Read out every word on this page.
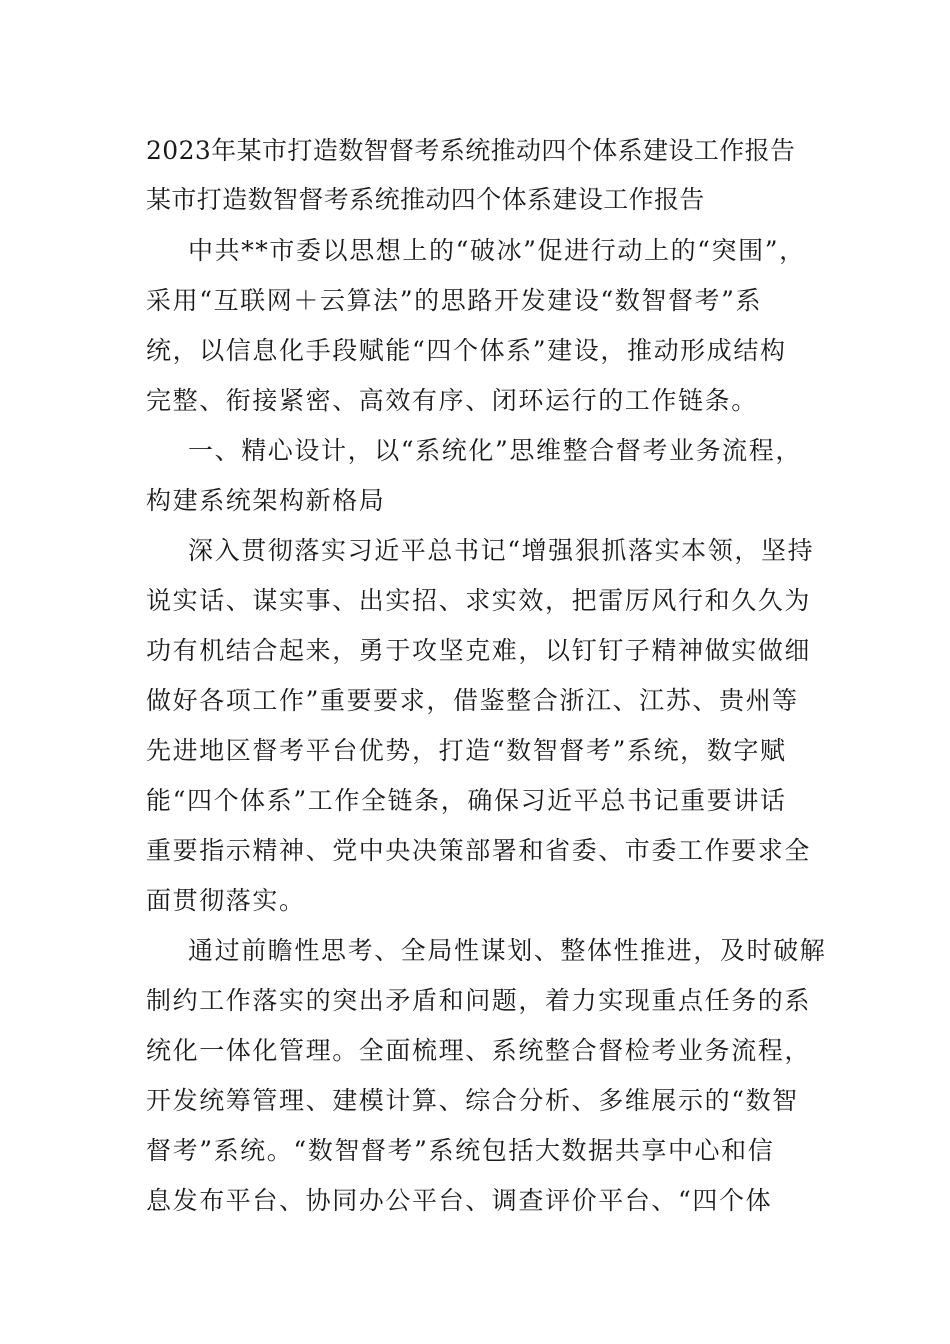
2023年某市打造数智督考系统推动四个体系建设工作报告
某市打造数智督考系统推动四个体系建设工作报告
中共**市委以思想上的“破冰”促进行动上的“突围”，
采用“互联网＋云算法”的思路开发建设“数智督考”系
统，以信息化手段赋能“四个体系”建设，推动形成结构
完整、衔接紧密、高效有序、闭环运行的工作链条。
一、精心设计，以“系统化”思维整合督考业务流程，
构建系统架构新格局
深入贯彻落实习近平总书记“增强狠抓落实本领，坚持
说实话、谋实事、出实招、求实效，把雷厉风行和久久为
功有机结合起来，勇于攻坚克难，以钉钉子精神做实做细
做好各项工作”重要要求，借鉴整合浙江、江苏、贵州等
先进地区督考平台优势，打造“数智督考”系统，数字赋
能“四个体系”工作全链条，确保习近平总书记重要讲话
重要指示精神、党中央决策部署和省委、市委工作要求全
面贯彻落实。
通过前瞻性思考、全局性谋划、整体性推进，及时破解
制约工作落实的突出矛盾和问题，着力实现重点任务的系
统化一体化管理。全面梳理、系统整合督检考业务流程，
开发统筹管理、建模计算、综合分析、多维展示的“数智
督考”系统。“数智督考”系统包括大数据共享中心和信
息发布平台、协同办公平台、调查评价平台、“四个体
